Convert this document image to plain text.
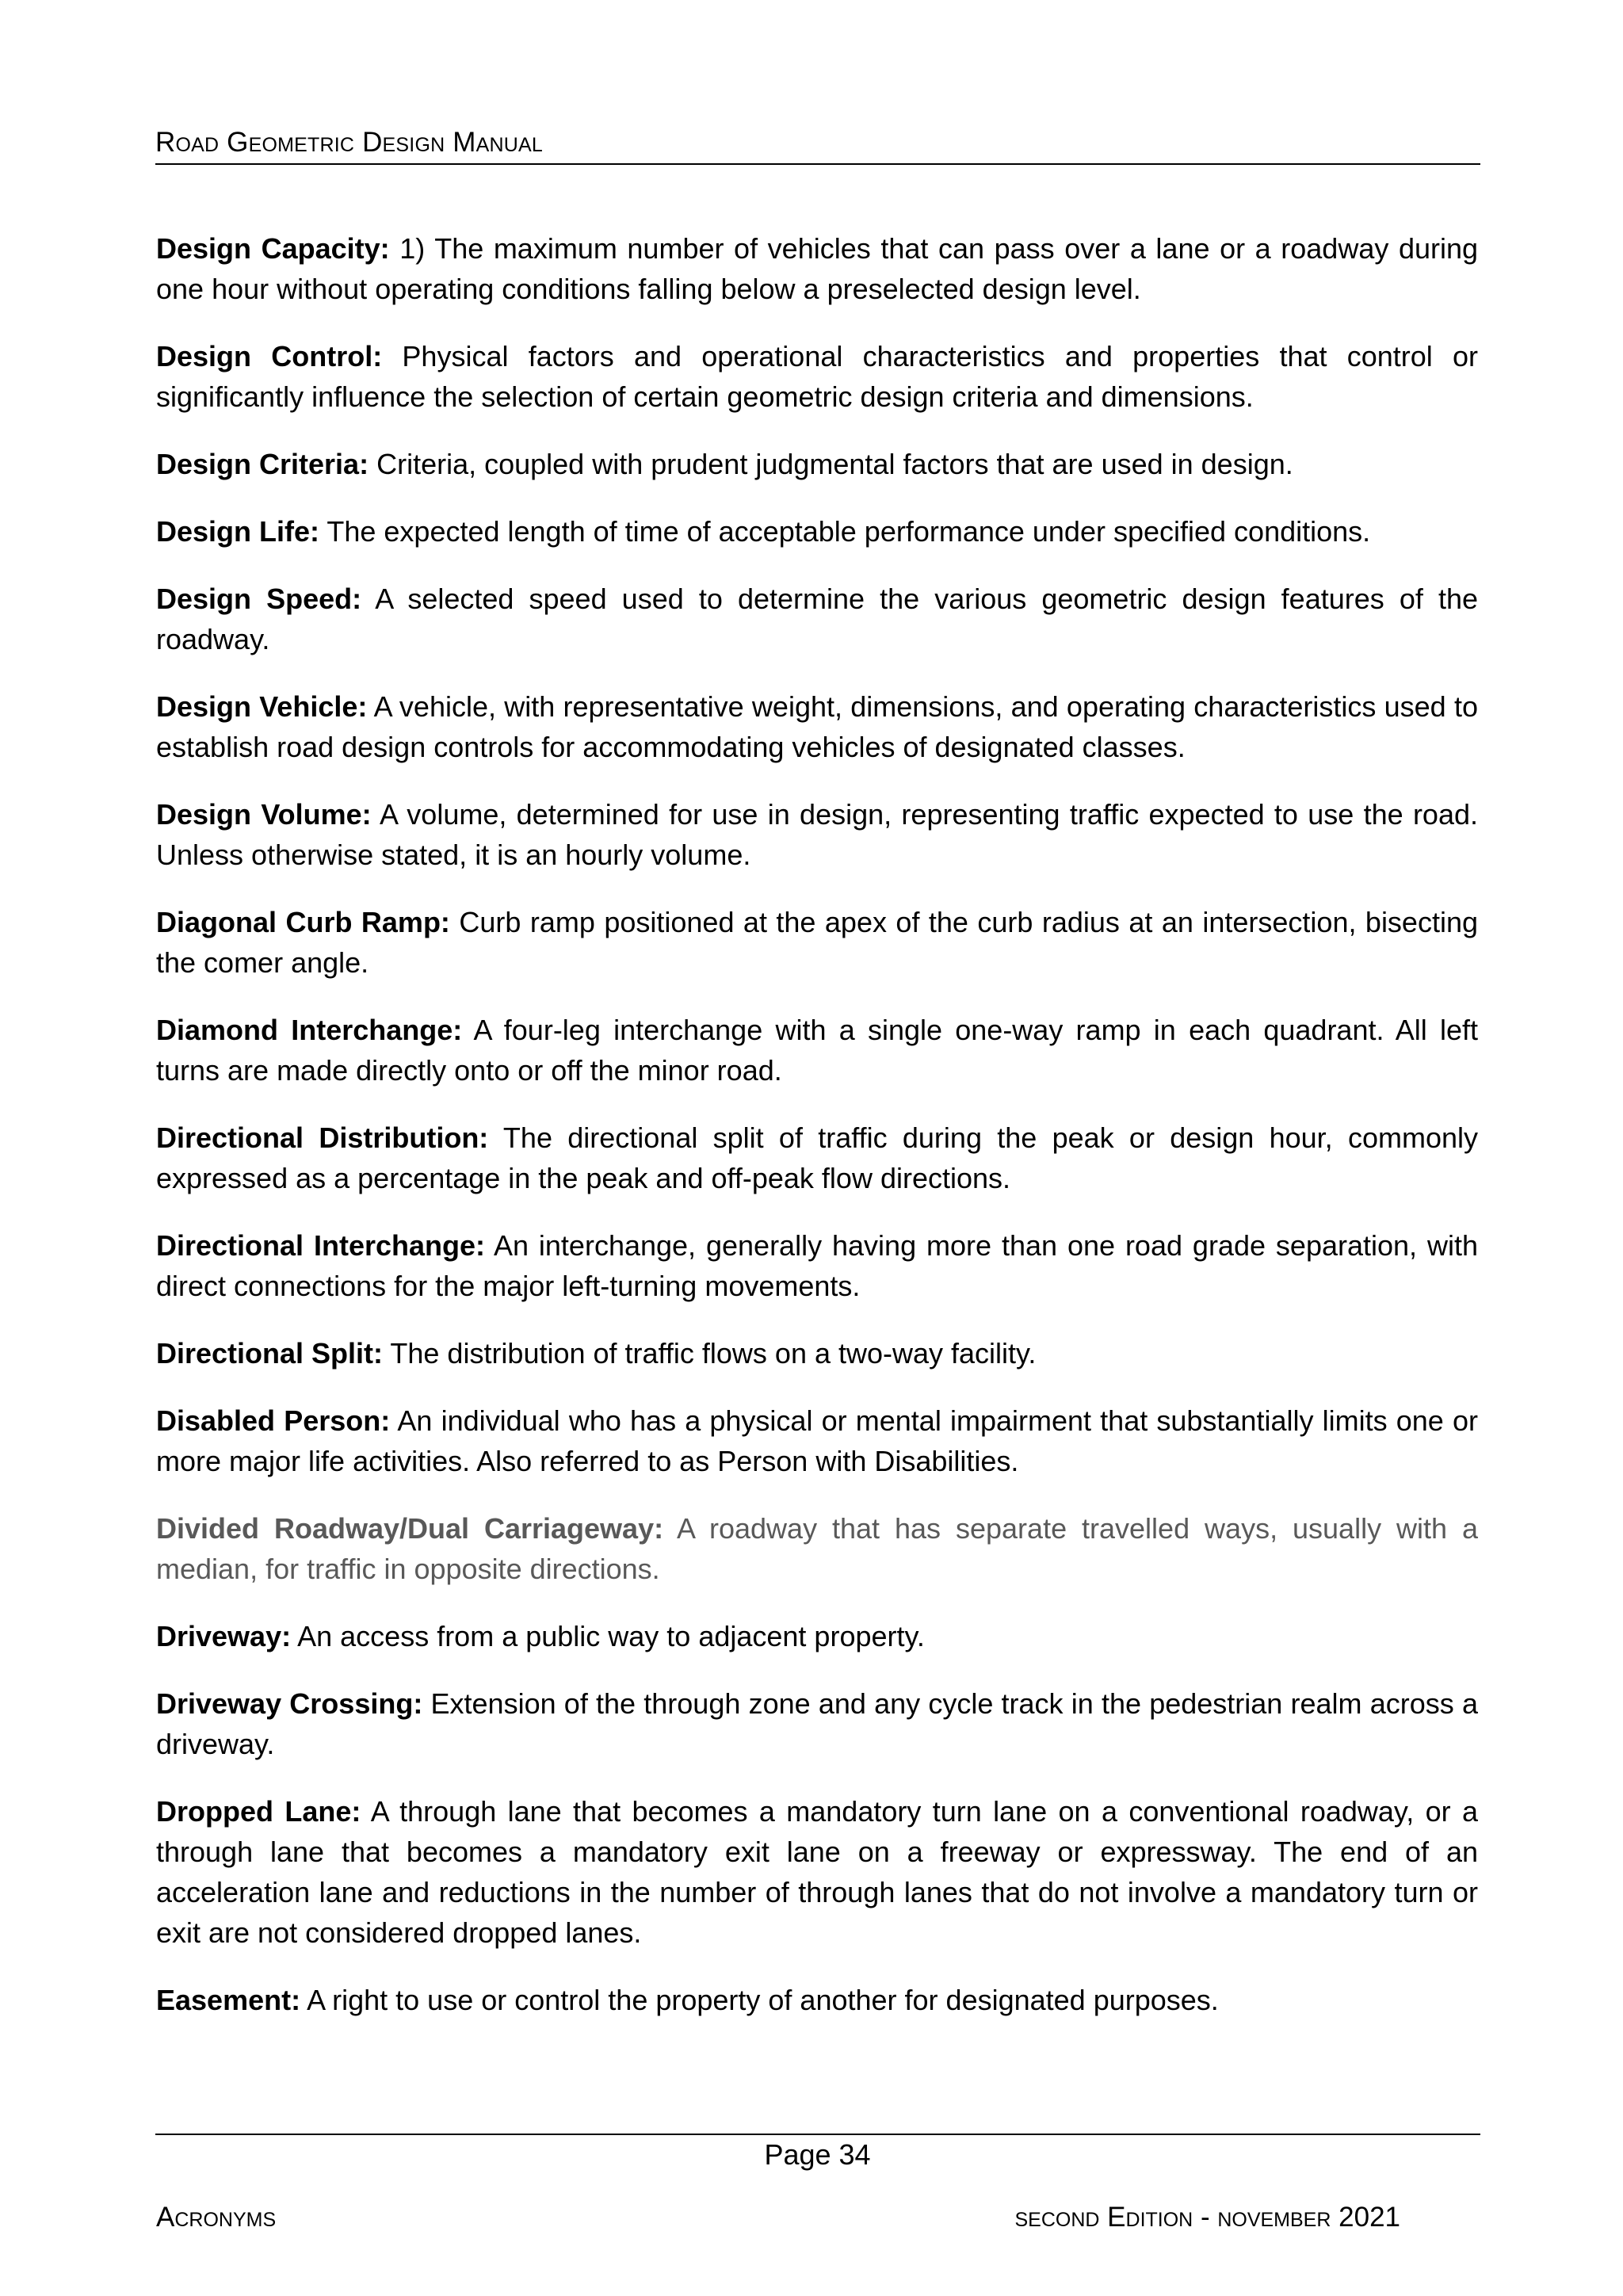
Road Geometric Design Manual

Design Capacity: 1) The maximum number of vehicles that can pass over a lane or a roadway during one hour without operating conditions falling below a preselected design level.

Design Control: Physical factors and operational characteristics and properties that control or significantly influence the selection of certain geometric design criteria and dimensions.

Design Criteria: Criteria, coupled with prudent judgmental factors that are used in design.

Design Life: The expected length of time of acceptable performance under specified conditions.

Design Speed: A selected speed used to determine the various geometric design features of the roadway.

Design Vehicle: A vehicle, with representative weight, dimensions, and operating characteristics used to establish road design controls for accommodating vehicles of designated classes.

Design Volume: A volume, determined for use in design, representing traffic expected to use the road. Unless otherwise stated, it is an hourly volume.

Diagonal Curb Ramp: Curb ramp positioned at the apex of the curb radius at an intersection, bisecting the comer angle.

Diamond Interchange: A four-leg interchange with a single one-way ramp in each quadrant. All left turns are made directly onto or off the minor road.

Directional Distribution: The directional split of traffic during the peak or design hour, commonly expressed as a percentage in the peak and off-peak flow directions.

Directional Interchange: An interchange, generally having more than one road grade separation, with direct connections for the major left-turning movements.

Directional Split: The distribution of traffic flows on a two-way facility.

Disabled Person: An individual who has a physical or mental impairment that substantially limits one or more major life activities. Also referred to as Person with Disabilities.

Divided Roadway/Dual Carriageway: A roadway that has separate travelled ways, usually with a median, for traffic in opposite directions.

Driveway: An access from a public way to adjacent property.

Driveway Crossing: Extension of the through zone and any cycle track in the pedestrian realm across a driveway.

Dropped Lane: A through lane that becomes a mandatory turn lane on a conventional roadway, or a through lane that becomes a mandatory exit lane on a freeway or expressway. The end of an acceleration lane and reductions in the number of through lanes that do not involve a mandatory turn or exit are not considered dropped lanes.

Easement: A right to use or control the property of another for designated purposes.

Page 34
Acronyms	second Edition - november 2021
